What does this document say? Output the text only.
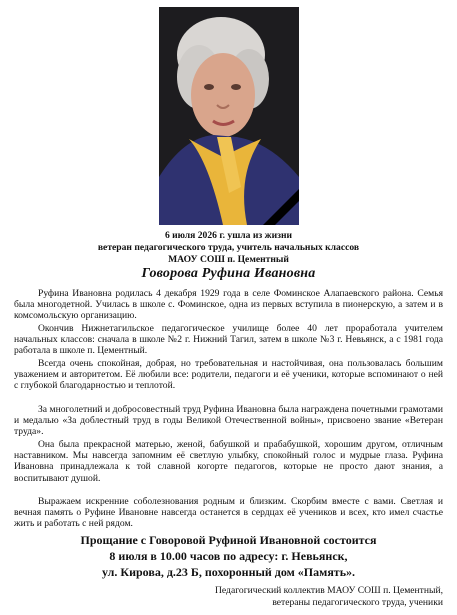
6 июля 2026 г. ушла из жизни
ветеран педагогического труда, учитель начальных классов
МАОУ СОШ п. Цементный
Говорова Руфина Ивановна

Руфина Ивановна родилась 4 декабря 1929 года в селе Фоминское Алапаевского района. Семья была многодетной. Училась в школе с. Фоминское, одна из первых вступила в пионерскую, а затем и в комсомольскую организацию.

Окончив Нижнетагильское педагогическое училище более 40 лет проработала учителем начальных классов: сначала в школе №2 г. Нижний Тагил, затем в школе №3 г. Невьянск, а с 1981 года работала в школе п. Цементный.

Всегда очень спокойная, добрая, но требовательная и настойчивая, она пользовалась большим уважением и авторитетом. Её любили все: родители, педагоги и её ученики, которые вспоминают о ней с глубокой благодарностью и теплотой.

За многолетний и добросовестный труд Руфина Ивановна была награждена почетными грамотами и медалью «За доблестный труд в годы Великой Отечественной войны», присвоено звание «Ветеран труда».

Она была прекрасной матерью, женой, бабушкой и прабабушкой, хорошим другом, отличным наставником. Мы навсегда запомним её светлую улыбку, спокойный голос и мудрые глаза. Руфина Ивановна принадлежала к той славной когорте педагогов, которые не просто дают знания, а воспитывают душой.

Выражаем искренние соболезнования родным и близким. Скорбим вместе с вами. Светлая и вечная память о Руфине Ивановне навсегда останется в сердцах её учеников и всех, кто имел счастье жить и работать с ней рядом.

Прощание с Говоровой Руфиной Ивановной состоится
8 июля в 10.00 часов по адресу: г. Невьянск,
ул. Кирова, д.23 Б, похоронный дом «Память».
Педагогический коллектив МАОУ СОШ п. Цементный,
ветераны педагогического труда, ученики
